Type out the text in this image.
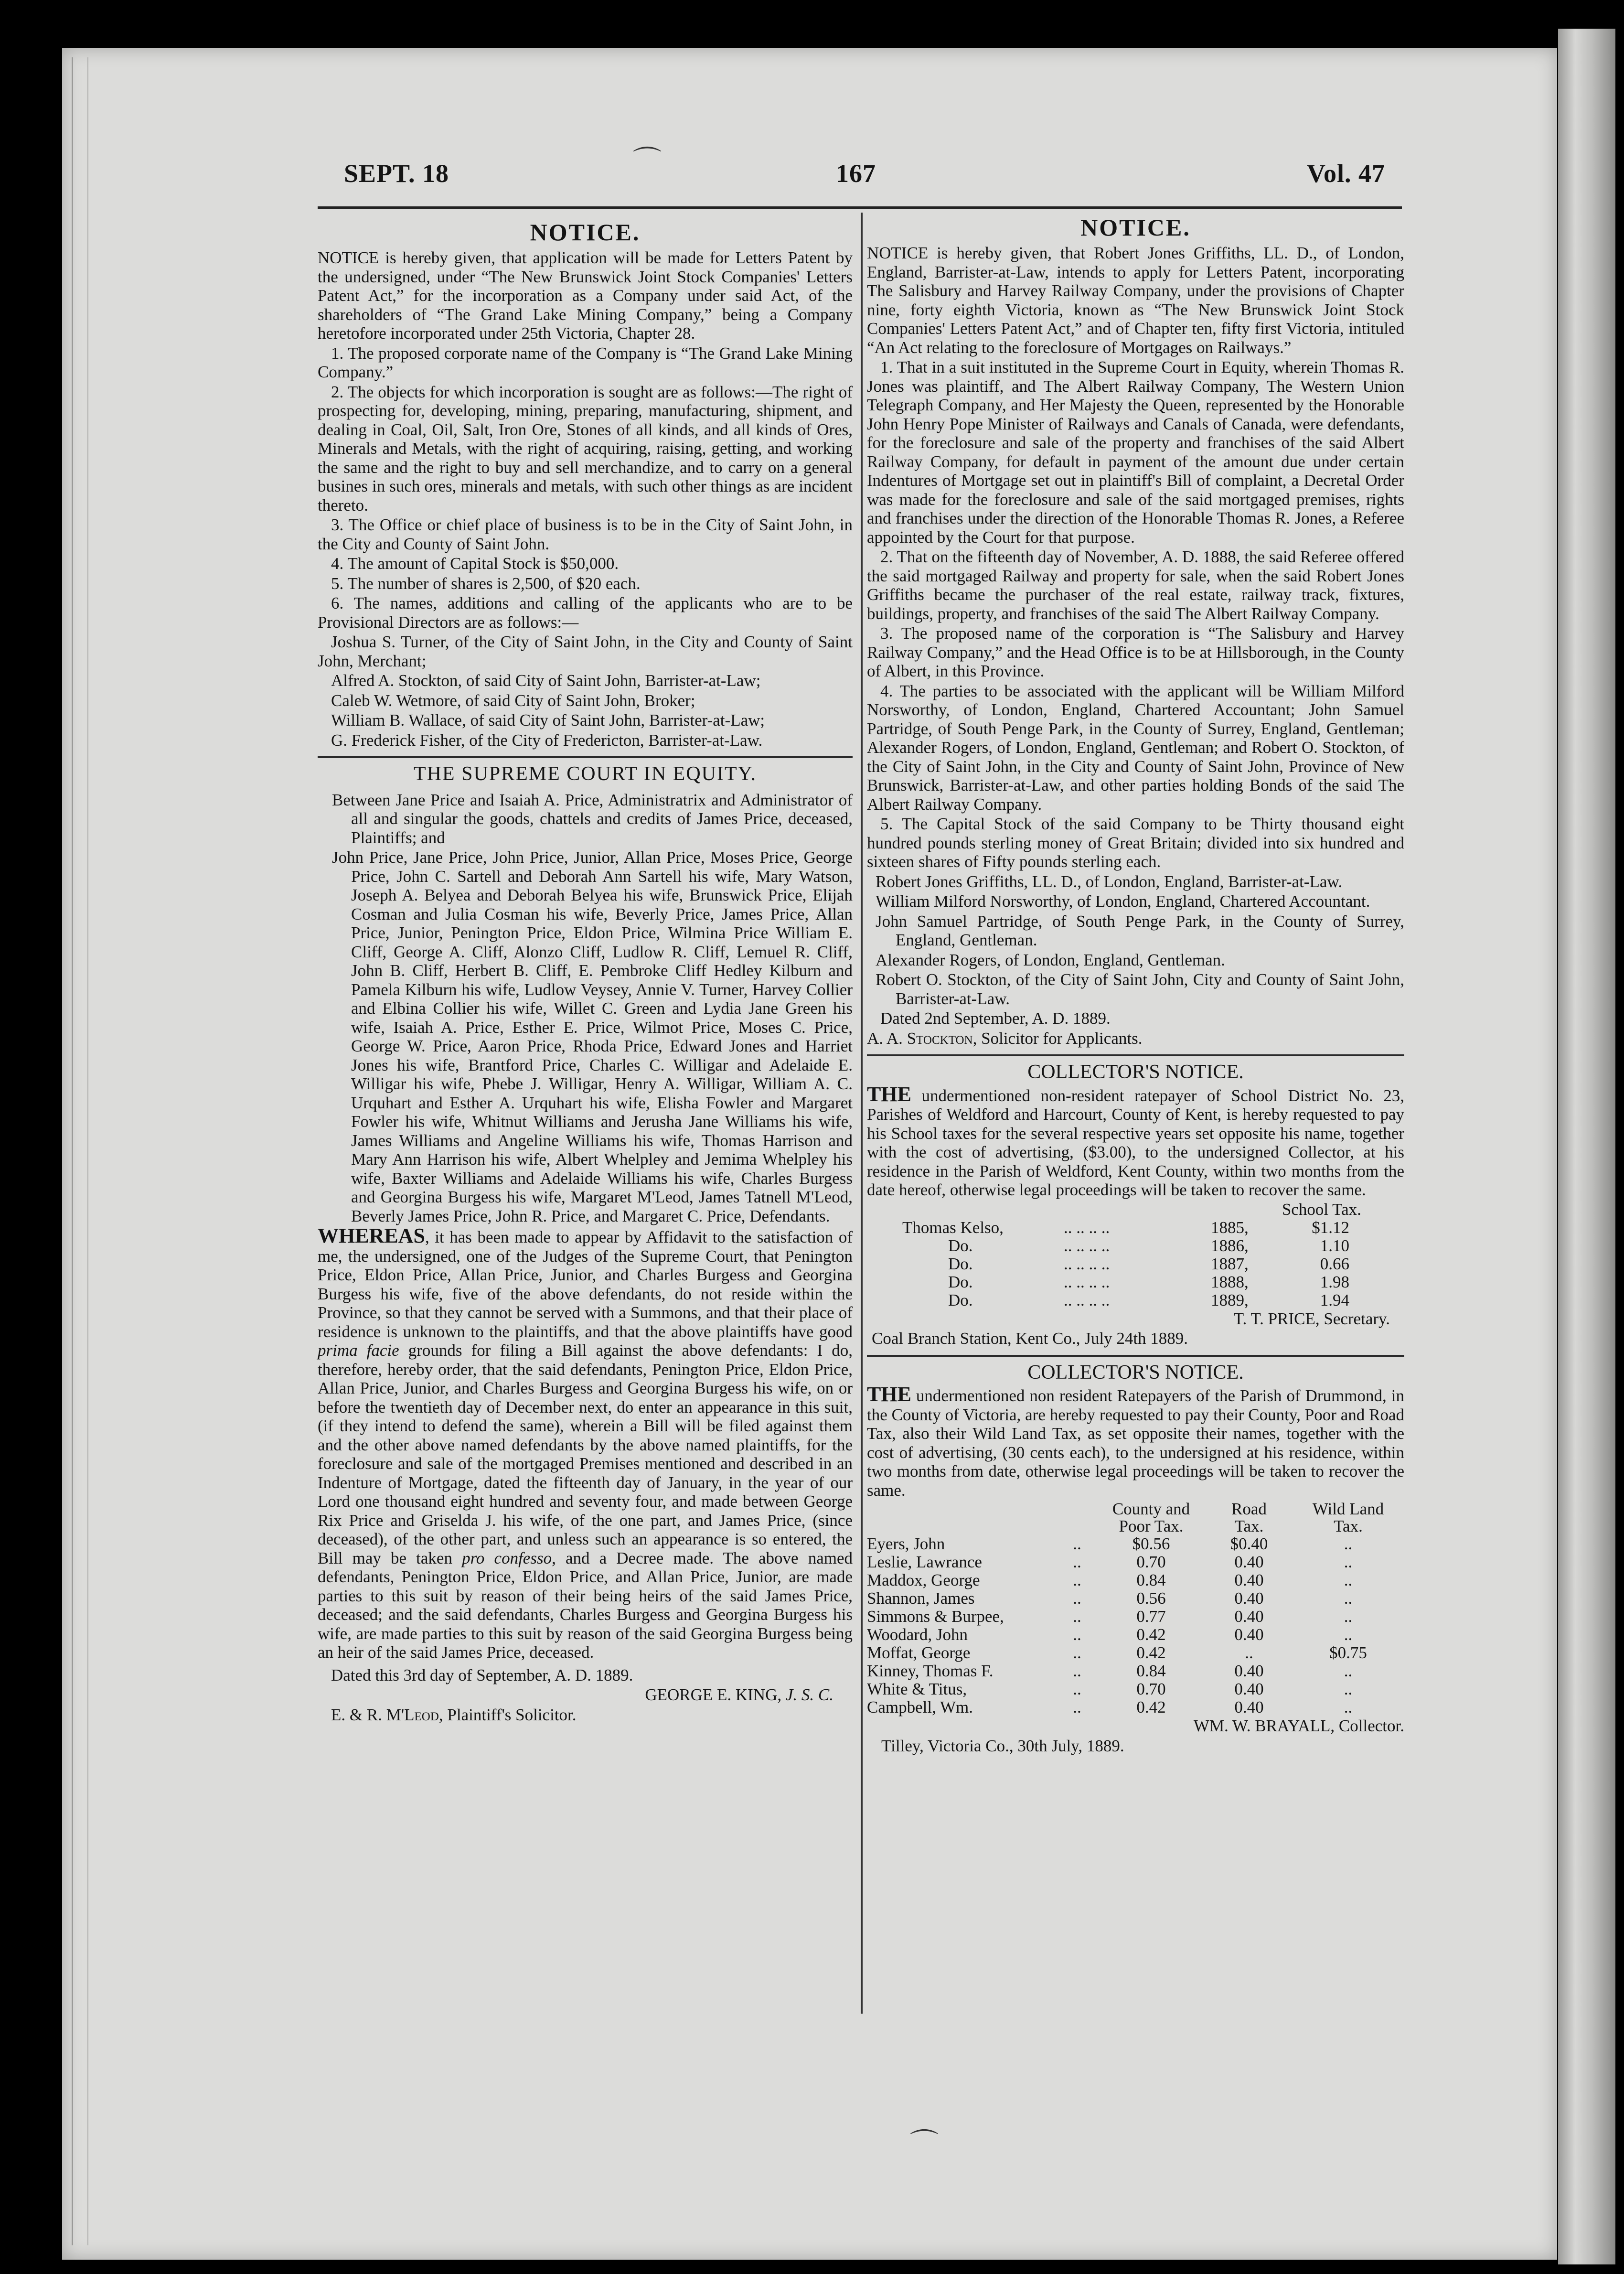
⌒
⌒
SEPT. 18	167	Vol. 47
NOTICE.

NOTICE is hereby given, that application will be made for Letters Patent by the undersigned, under “The New Brunswick Joint Stock Companies' Letters Patent Act,” for the incorporation as a Company under said Act, of the shareholders of “The Grand Lake Mining Company,” being a Company heretofore incorporated under 25th Victoria, Chapter 28.

1. The proposed corporate name of the Company is “The Grand Lake Mining Company.”

2. The objects for which incorporation is sought are as follows:—The right of prospecting for, developing, mining, preparing, manufacturing, shipment, and dealing in Coal, Oil, Salt, Iron Ore, Stones of all kinds, and all kinds of Ores, Minerals and Metals, with the right of acquiring, raising, getting, and working the same and the right to buy and sell merchandize, and to carry on a general busines in such ores, minerals and metals, with such other things as are incident thereto.

3. The Office or chief place of business is to be in the City of Saint John, in the City and County of Saint John.

4. The amount of Capital Stock is $50,000.

5. The number of shares is 2,500, of $20 each.

6. The names, additions and calling of the applicants who are to be Provisional Directors are as follows:—

Joshua S. Turner, of the City of Saint John, in the City and County of Saint John, Merchant;

Alfred A. Stockton, of said City of Saint John, Barrister-at-Law;

Caleb W. Wetmore, of said City of Saint John, Broker;

William B. Wallace, of said City of Saint John, Barrister-at-Law;

G. Frederick Fisher, of the City of Fredericton, Barrister-at-Law.

THE SUPREME COURT IN EQUITY.

Between Jane Price and Isaiah A. Price, Administratrix and Administrator of all and singular the goods, chattels and credits of James Price, deceased, Plaintiffs; and

John Price, Jane Price, John Price, Junior, Allan Price, Moses Price, George Price, John C. Sartell and Deborah Ann Sartell his wife, Mary Watson, Joseph A. Belyea and Deborah Belyea his wife, Brunswick Price, Elijah Cosman and Julia Cosman his wife, Beverly Price, James Price, Allan Price, Junior, Penington Price, Eldon Price, Wilmina Price William E. Cliff, George A. Cliff, Alonzo Cliff, Ludlow R. Cliff, Lemuel R. Cliff, John B. Cliff, Herbert B. Cliff, E. Pembroke Cliff Hedley Kilburn and Pamela Kilburn his wife, Ludlow Veysey, Annie V. Turner, Harvey Collier and Elbina Collier his wife, Willet C. Green and Lydia Jane Green his wife, Isaiah A. Price, Esther E. Price, Wilmot Price, Moses C. Price, George W. Price, Aaron Price, Rhoda Price, Edward Jones and Harriet Jones his wife, Brantford Price, Charles C. Willigar and Adelaide E. Willigar his wife, Phebe J. Willigar, Henry A. Willigar, William A. C. Urquhart and Esther A. Urquhart his wife, Elisha Fowler and Margaret Fowler his wife, Whitnut Williams and Jerusha Jane Williams his wife, James Williams and Angeline Williams his wife, Thomas Harrison and Mary Ann Harrison his wife, Albert Whelpley and Jemima Whelpley his wife, Baxter Williams and Adelaide Williams his wife, Charles Burgess and Georgina Burgess his wife, Margaret M'Leod, James Tatnell M'Leod, Beverly James Price, John R. Price, and Margaret C. Price, Defendants.

WHEREAS, it has been made to appear by Affidavit to the satisfaction of me, the undersigned, one of the Judges of the Supreme Court, that Penington Price, Eldon Price, Allan Price, Junior, and Charles Burgess and Georgina Burgess his wife, five of the above defendants, do not reside within the Province, so that they cannot be served with a Summons, and that their place of residence is unknown to the plaintiffs, and that the above plaintiffs have good prima facie grounds for filing a Bill against the above defendants: I do, therefore, hereby order, that the said defendants, Penington Price, Eldon Price, Allan Price, Junior, and Charles Burgess and Georgina Burgess his wife, on or before the twentieth day of December next, do enter an appearance in this suit, (if they intend to defend the same), wherein a Bill will be filed against them and the other above named defendants by the above named plaintiffs, for the foreclosure and sale of the mortgaged Premises mentioned and described in an Indenture of Mortgage, dated the fifteenth day of January, in the year of our Lord one thousand eight hundred and seventy four, and made between George Rix Price and Griselda J. his wife, of the one part, and James Price, (since deceased), of the other part, and unless such an appearance is so entered, the Bill may be taken pro confesso, and a Decree made. The above named defendants, Penington Price, Eldon Price, and Allan Price, Junior, are made parties to this suit by reason of their being heirs of the said James Price, deceased; and the said defendants, Charles Burgess and Georgina Burgess his wife, are made parties to this suit by reason of the said Georgina Burgess being an heir of the said James Price, deceased.

Dated this 3rd day of September, A. D. 1889.

GEORGE E. KING, J. S. C.

E. & R. M'Leod, Plaintiff's Solicitor.

NOTICE.

NOTICE is hereby given, that Robert Jones Griffiths, LL. D., of London, England, Barrister-at-Law, intends to apply for Letters Patent, incorporating The Salisbury and Harvey Railway Company, under the provisions of Chapter nine, forty eighth Victoria, known as “The New Brunswick Joint Stock Companies' Letters Patent Act,” and of Chapter ten, fifty first Victoria, intituled “An Act relating to the foreclosure of Mortgages on Railways.”

1. That in a suit instituted in the Supreme Court in Equity, wherein Thomas R. Jones was plaintiff, and The Albert Railway Company, The Western Union Telegraph Company, and Her Majesty the Queen, represented by the Honorable John Henry Pope Minister of Railways and Canals of Canada, were defendants, for the foreclosure and sale of the property and franchises of the said Albert Railway Company, for default in payment of the amount due under certain Indentures of Mortgage set out in plaintiff's Bill of complaint, a Decretal Order was made for the foreclosure and sale of the said mortgaged premises, rights and franchises under the direction of the Honorable Thomas R. Jones, a Referee appointed by the Court for that purpose.

2. That on the fifteenth day of November, A. D. 1888, the said Referee offered the said mortgaged Railway and property for sale, when the said Robert Jones Griffiths became the purchaser of the real estate, railway track, fixtures, buildings, property, and franchises of the said The Albert Railway Company.

3. The proposed name of the corporation is “The Salisbury and Harvey Railway Company,” and the Head Office is to be at Hillsborough, in the County of Albert, in this Province.

4. The parties to be associated with the applicant will be William Milford Norsworthy, of London, England, Chartered Accountant; John Samuel Partridge, of South Penge Park, in the County of Surrey, England, Gentleman; Alexander Rogers, of London, England, Gentleman; and Robert O. Stockton, of the City of Saint John, in the City and County of Saint John, Province of New Brunswick, Barrister-at-Law, and other parties holding Bonds of the said The Albert Railway Company.

5. The Capital Stock of the said Company to be Thirty thousand eight hundred pounds sterling money of Great Britain; divided into six hundred and sixteen shares of Fifty pounds sterling each.

Robert Jones Griffiths, LL. D., of London, England, Barrister-at-Law.

William Milford Norsworthy, of London, England, Chartered Accountant.

John Samuel Partridge, of South Penge Park, in the County of Surrey, England, Gentleman.

Alexander Rogers, of London, England, Gentleman.

Robert O. Stockton, of the City of Saint John, City and County of Saint John, Barrister-at-Law.

Dated 2nd September, A. D. 1889.

A. A. Stockton, Solicitor for Applicants.

COLLECTOR'S NOTICE.

THE undermentioned non-resident ratepayer of School District No. 23, Parishes of Weldford and Harcourt, County of Kent, is hereby requested to pay his School taxes for the several respective years set opposite his name, together with the cost of advertising, ($3.00), to the undersigned Collector, at his residence in the Parish of Weldford, Kent County, within two months from the date hereof, otherwise legal proceedings will be taken to recover the same.

			School Tax.
Thomas Kelso,	.. .. .. ..	1885,	$1.12
Do.	.. .. .. ..	1886,	1.10
Do.	.. .. .. ..	1887,	0.66
Do.	.. .. .. ..	1888,	1.98
Do.	.. .. .. ..	1889,	1.94

T. T. PRICE, Secretary.

Coal Branch Station, Kent Co., July 24th 1889.

COLLECTOR'S NOTICE.

THE undermentioned non resident Ratepayers of the Parish of Drummond, in the County of Victoria, are hereby requested to pay their County, Poor and Road Tax, also their Wild Land Tax, as set opposite their names, together with the cost of advertising, (30 cents each), to the undersigned at his residence, within two months from date, otherwise legal proceedings will be taken to recover the same.

		County and	Road	Wild Land
		Poor Tax.	Tax.	Tax.
Eyers, John	..	$0.56	$0.40	..
Leslie, Lawrance	..	0.70	0.40	..
Maddox, George	..	0.84	0.40	..
Shannon, James	..	0.56	0.40	..
Simmons & Burpee,	..	0.77	0.40	..
Woodard, John	..	0.42	0.40	..
Moffat, George	..	0.42	..	$0.75
Kinney, Thomas F.	..	0.84	0.40	..
White & Titus,	..	0.70	0.40	..
Campbell, Wm.	..	0.42	0.40	..

WM. W. BRAYALL, Collector.

Tilley, Victoria Co., 30th July, 1889.
